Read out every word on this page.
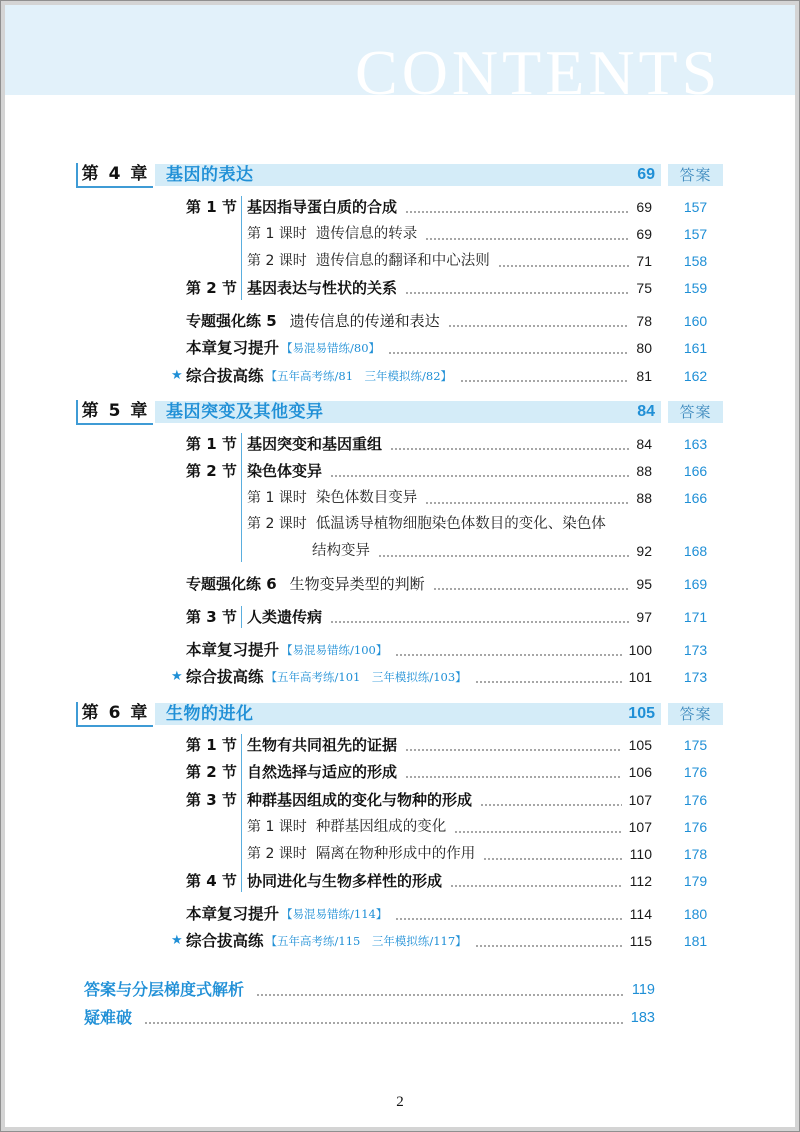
CONTENTS
第 4 章 基因的表达	69	答案
第 1 节 基因指导蛋白质的合成	69	157
第 1 课时 遗传信息的转录	69	157
第 2 课时 遗传信息的翻译和中心法则	71	158
第 2 节 基因表达与性状的关系	75	159
专题强化练 5 遗传信息的传递和表达	78	160
本章复习提升 【易混易错练/80】	80	161
★ 综合拔高练 【五年高考练/81　三年模拟练/82】	81	162
第 5 章 基因突变及其他变异	84	答案
第 1 节 基因突变和基因重组	84	163
第 2 节 染色体变异	88	166
第 1 课时 染色体数目变异	88	166
第 2 课时 低温诱导植物细胞染色体数目的变化、染色体
结构变异	92	168
专题强化练 6 生物变异类型的判断	95	169
第 3 节 人类遗传病	97	171
本章复习提升 【易混易错练/100】	100	173
★ 综合拔高练 【五年高考练/101　三年模拟练/103】	101	173
第 6 章 生物的进化	105	答案
第 1 节 生物有共同祖先的证据	105	175
第 2 节 自然选择与适应的形成	106	176
第 3 节 种群基因组成的变化与物种的形成	107	176
第 1 课时 种群基因组成的变化	107	176
第 2 课时 隔离在物种形成中的作用	110	178
第 4 节 协同进化与生物多样性的形成	112	179
本章复习提升 【易混易错练/114】	114	180
★ 综合拔高练 【五年高考练/115　三年模拟练/117】	115	181
答案与分层梯度式解析	119
疑难破	183
2
